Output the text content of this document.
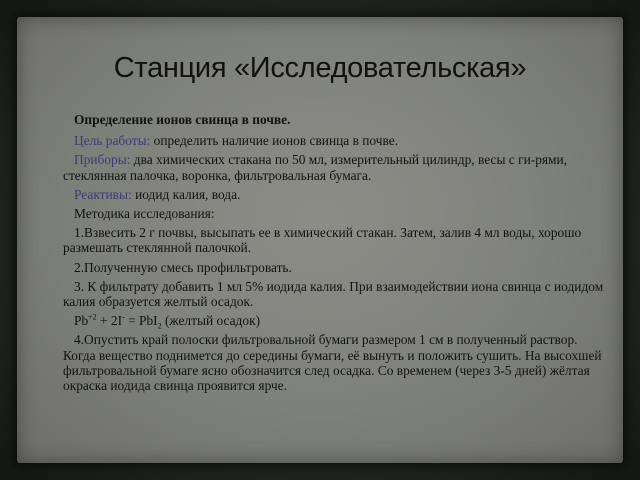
Станция «Исследовательская»
Определение ионов свинца в почве.
Цель работы: определить наличие ионов свинца в почве.
Приборы: два химических стакана по 50 мл, измерительный цилиндр, весы с ги-рями, стеклянная палочка, воронка, фильтровальная бумага.
Реактивы: иодид калия, вода.
Методика исследования:
1.Взвесить 2 г почвы, высыпать ее в химический стакан. Затем, залив 4 мл воды, хорошо размешать стеклянной палочкой.
2.Полученную смесь профильтровать.
3. К фильтрату добавить 1 мл 5% иодида калия. При взаимодействии иона свинца с иодидом калия образуется желтый осадок.
$Pb^{+2} + 2I^- = PbI_2$ (желтый осадок)
4.Опустить край полоски фильтровальной бумаги размером 1 см в полученный раствор. Когда вещество поднимется до середины бумаги, её вынуть и положить сушить. На высохшей фильтровальной бумаге ясно обозначится след осадка. Со временем (через 3-5 дней) жёлтая окраска иодида свинца проявится ярче.
